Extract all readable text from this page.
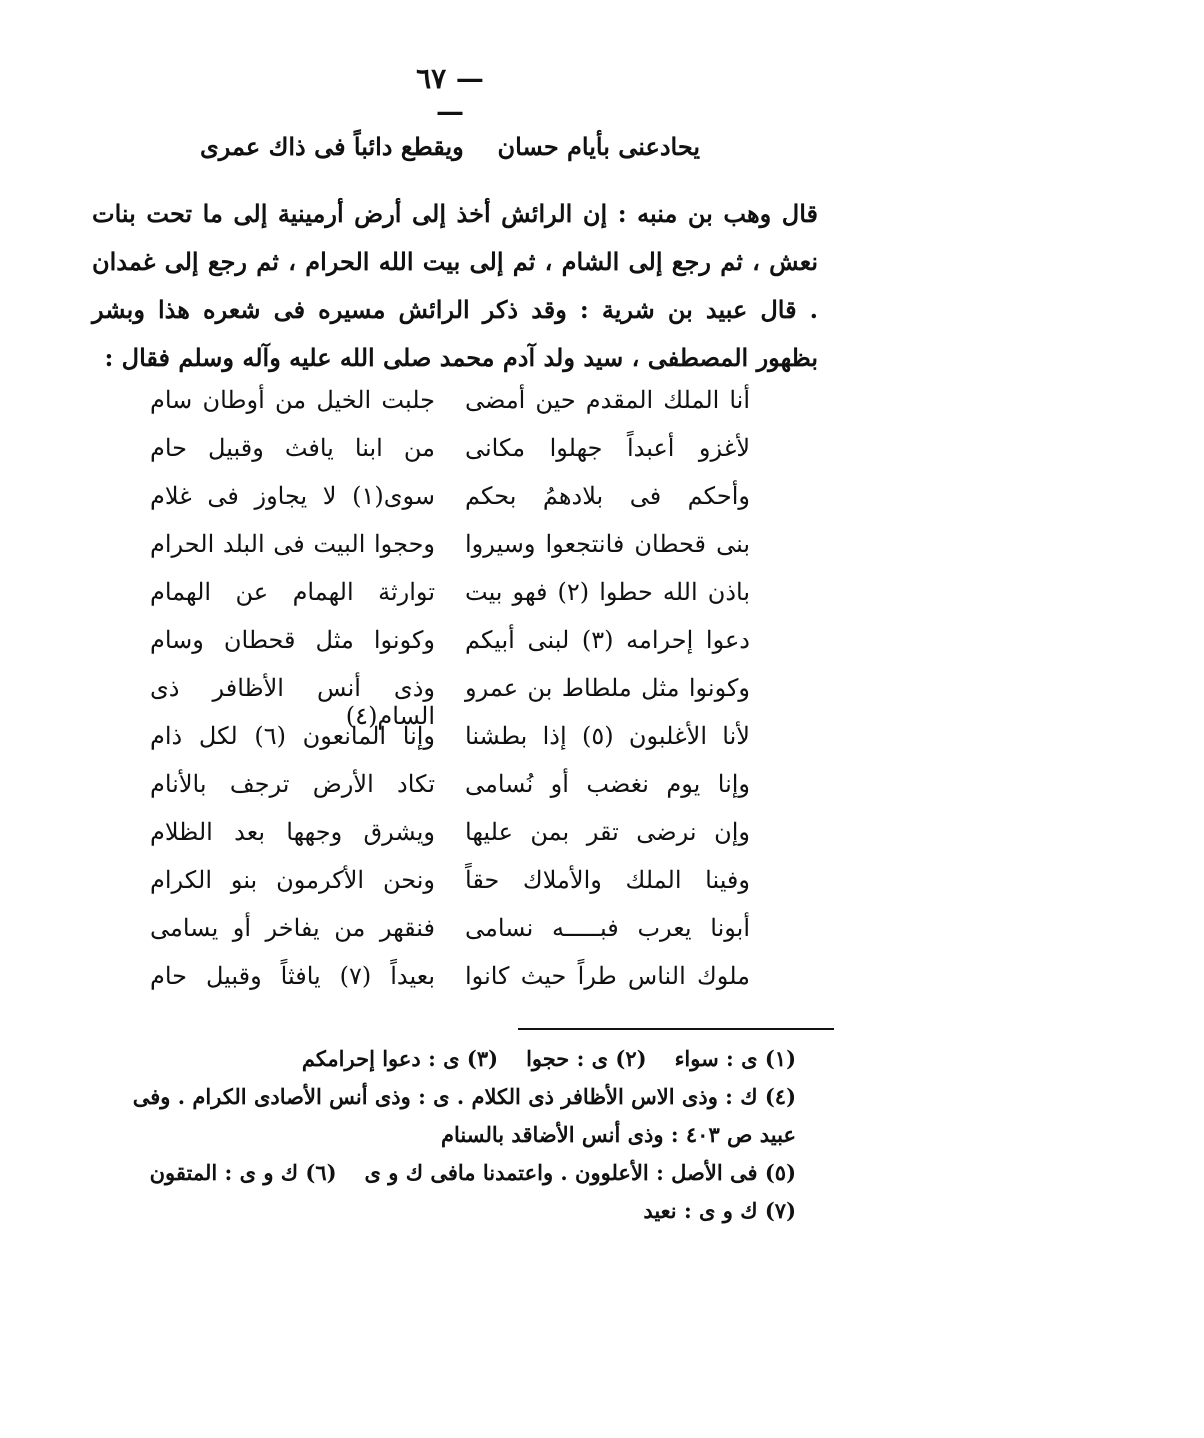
— ٦٧ —
يحادعنى بأيام حسان
ويقطع دائباً فى ذاك عمرى
قال وهب بن منبه : إن الرائش أخذ إلى أرض أرمينية إلى ما تحت بنات نعش ، ثم رجع إلى الشام ، ثم إلى بيت الله الحرام ، ثم رجع إلى غمدان . قال عبيد بن شرية : وقد ذكر الرائش مسيره فى شعره هذا وبشر بظهور المصطفى ، سيد ولد آدم محمد صلى الله عليه وآله وسلم فقال :
أنا الملك المقدم حين أمضى
جلبت الخيل من أوطان سام
لأغزو أعبداً جهلوا مكانى
من ابنا يافث وقبيل حام
وأحكم فى بلادهمُ بحكم
سوى(١) لا يجاوز فى غلام
بنى قحطان فانتجعوا وسيروا
وحجوا البيت فى البلد الحرام
باذن الله حطوا (٢) فهو بيت
توارثة الهمام عن الهمام
دعوا إحرامه (٣) لبنى أبيكم
وكونوا مثل قحطان وسام
وكونوا مثل ملطاط بن عمرو
وذى أنس الأظافر ذى السام(٤)
لأنا الأغلبون (٥) إذا بطشنا
وإنا المانعون (٦) لكل ذام
وإنا يوم نغضب أو نُسامى
تكاد الأرض ترجف بالأنام
وإن نرضى تقر بمن عليها
ويشرق وجهها بعد الظلام
وفينا الملك والأملاك حقاً
ونحن الأكرمون بنو الكرام
أبونا يعرب فبـــــه نسامى
فنقهر من يفاخر أو يسامى
ملوك الناس طراً حيث كانوا
بعيداً (٧) يافثاً وقبيل حام
(١) ى : سواء(٢) ى : حجوا(٣) ى : دعوا إحرامكم
(٤) ك : وذى الاس الأظافر ذى الكلام . ى : وذى أنس الأصادى الكرام . وفى
عبيد ص ٤٠٣ : وذى أنس الأضاقد بالسنام
(٥) فى الأصل : الأعلوون . واعتمدنا مافى ك و ى(٦) ك و ى : المتقون
(٧) ك و ى : نعيد
